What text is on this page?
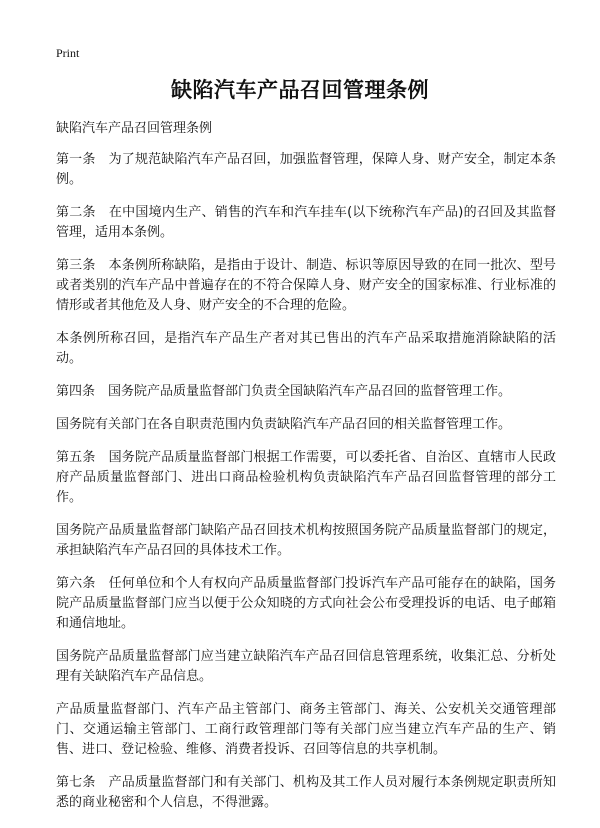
Print
缺陷汽车产品召回管理条例
缺陷汽车产品召回管理条例

第一条　为了规范缺陷汽车产品召回，加强监督管理，保障人身、财产安全，制定本条例。

第二条　在中国境内生产、销售的汽车和汽车挂车(以下统称汽车产品)的召回及其监督管理，适用本条例。

第三条　本条例所称缺陷，是指由于设计、制造、标识等原因导致的在同一批次、型号或者类别的汽车产品中普遍存在的不符合保障人身、财产安全的国家标准、行业标准的情形或者其他危及人身、财产安全的不合理的危险。

本条例所称召回，是指汽车产品生产者对其已售出的汽车产品采取措施消除缺陷的活动。

第四条　国务院产品质量监督部门负责全国缺陷汽车产品召回的监督管理工作。

国务院有关部门在各自职责范围内负责缺陷汽车产品召回的相关监督管理工作。

第五条　国务院产品质量监督部门根据工作需要，可以委托省、自治区、直辖市人民政府产品质量监督部门、进出口商品检验机构负责缺陷汽车产品召回监督管理的部分工作。

国务院产品质量监督部门缺陷产品召回技术机构按照国务院产品质量监督部门的规定，承担缺陷汽车产品召回的具体技术工作。

第六条　任何单位和个人有权向产品质量监督部门投诉汽车产品可能存在的缺陷，国务院产品质量监督部门应当以便于公众知晓的方式向社会公布受理投诉的电话、电子邮箱和通信地址。

国务院产品质量监督部门应当建立缺陷汽车产品召回信息管理系统，收集汇总、分析处理有关缺陷汽车产品信息。

产品质量监督部门、汽车产品主管部门、商务主管部门、海关、公安机关交通管理部门、交通运输主管部门、工商行政管理部门等有关部门应当建立汽车产品的生产、销售、进口、登记检验、维修、消费者投诉、召回等信息的共享机制。

第七条　产品质量监督部门和有关部门、机构及其工作人员对履行本条例规定职责所知悉的商业秘密和个人信息，不得泄露。
